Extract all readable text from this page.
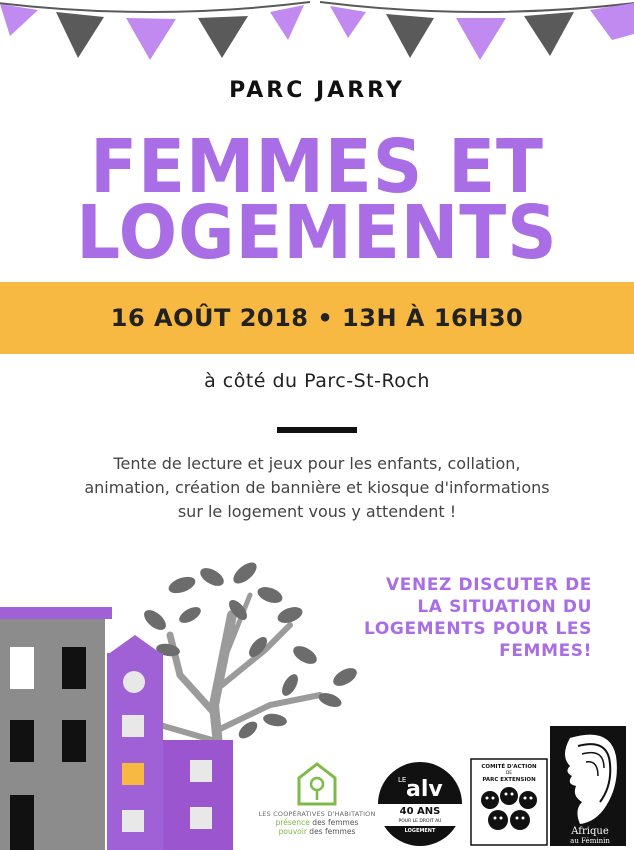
PARC JARRY
FEMMES ET
LOGEMENTS
16 AOÛT 2018 • 13H À 16H30
à côté du Parc-St-Roch
Tente de lecture et jeux pour les enfants, collation,
animation, création de bannière et kiosque d'informations
sur le logement vous y attendent !
VENEZ DISCUTER DE
LA SITUATION DU
LOGEMENTS POUR LES
FEMMES!
LES COOPÉRATIVES D'HABITATION
présence des femmes
pouvoir des femmes
LE alv
40 ANS
POUR LE DROIT AU
LOGEMENT
COMITÉ D'ACTION
DE
PARC EXTENSION
Afrique
au Féminin
